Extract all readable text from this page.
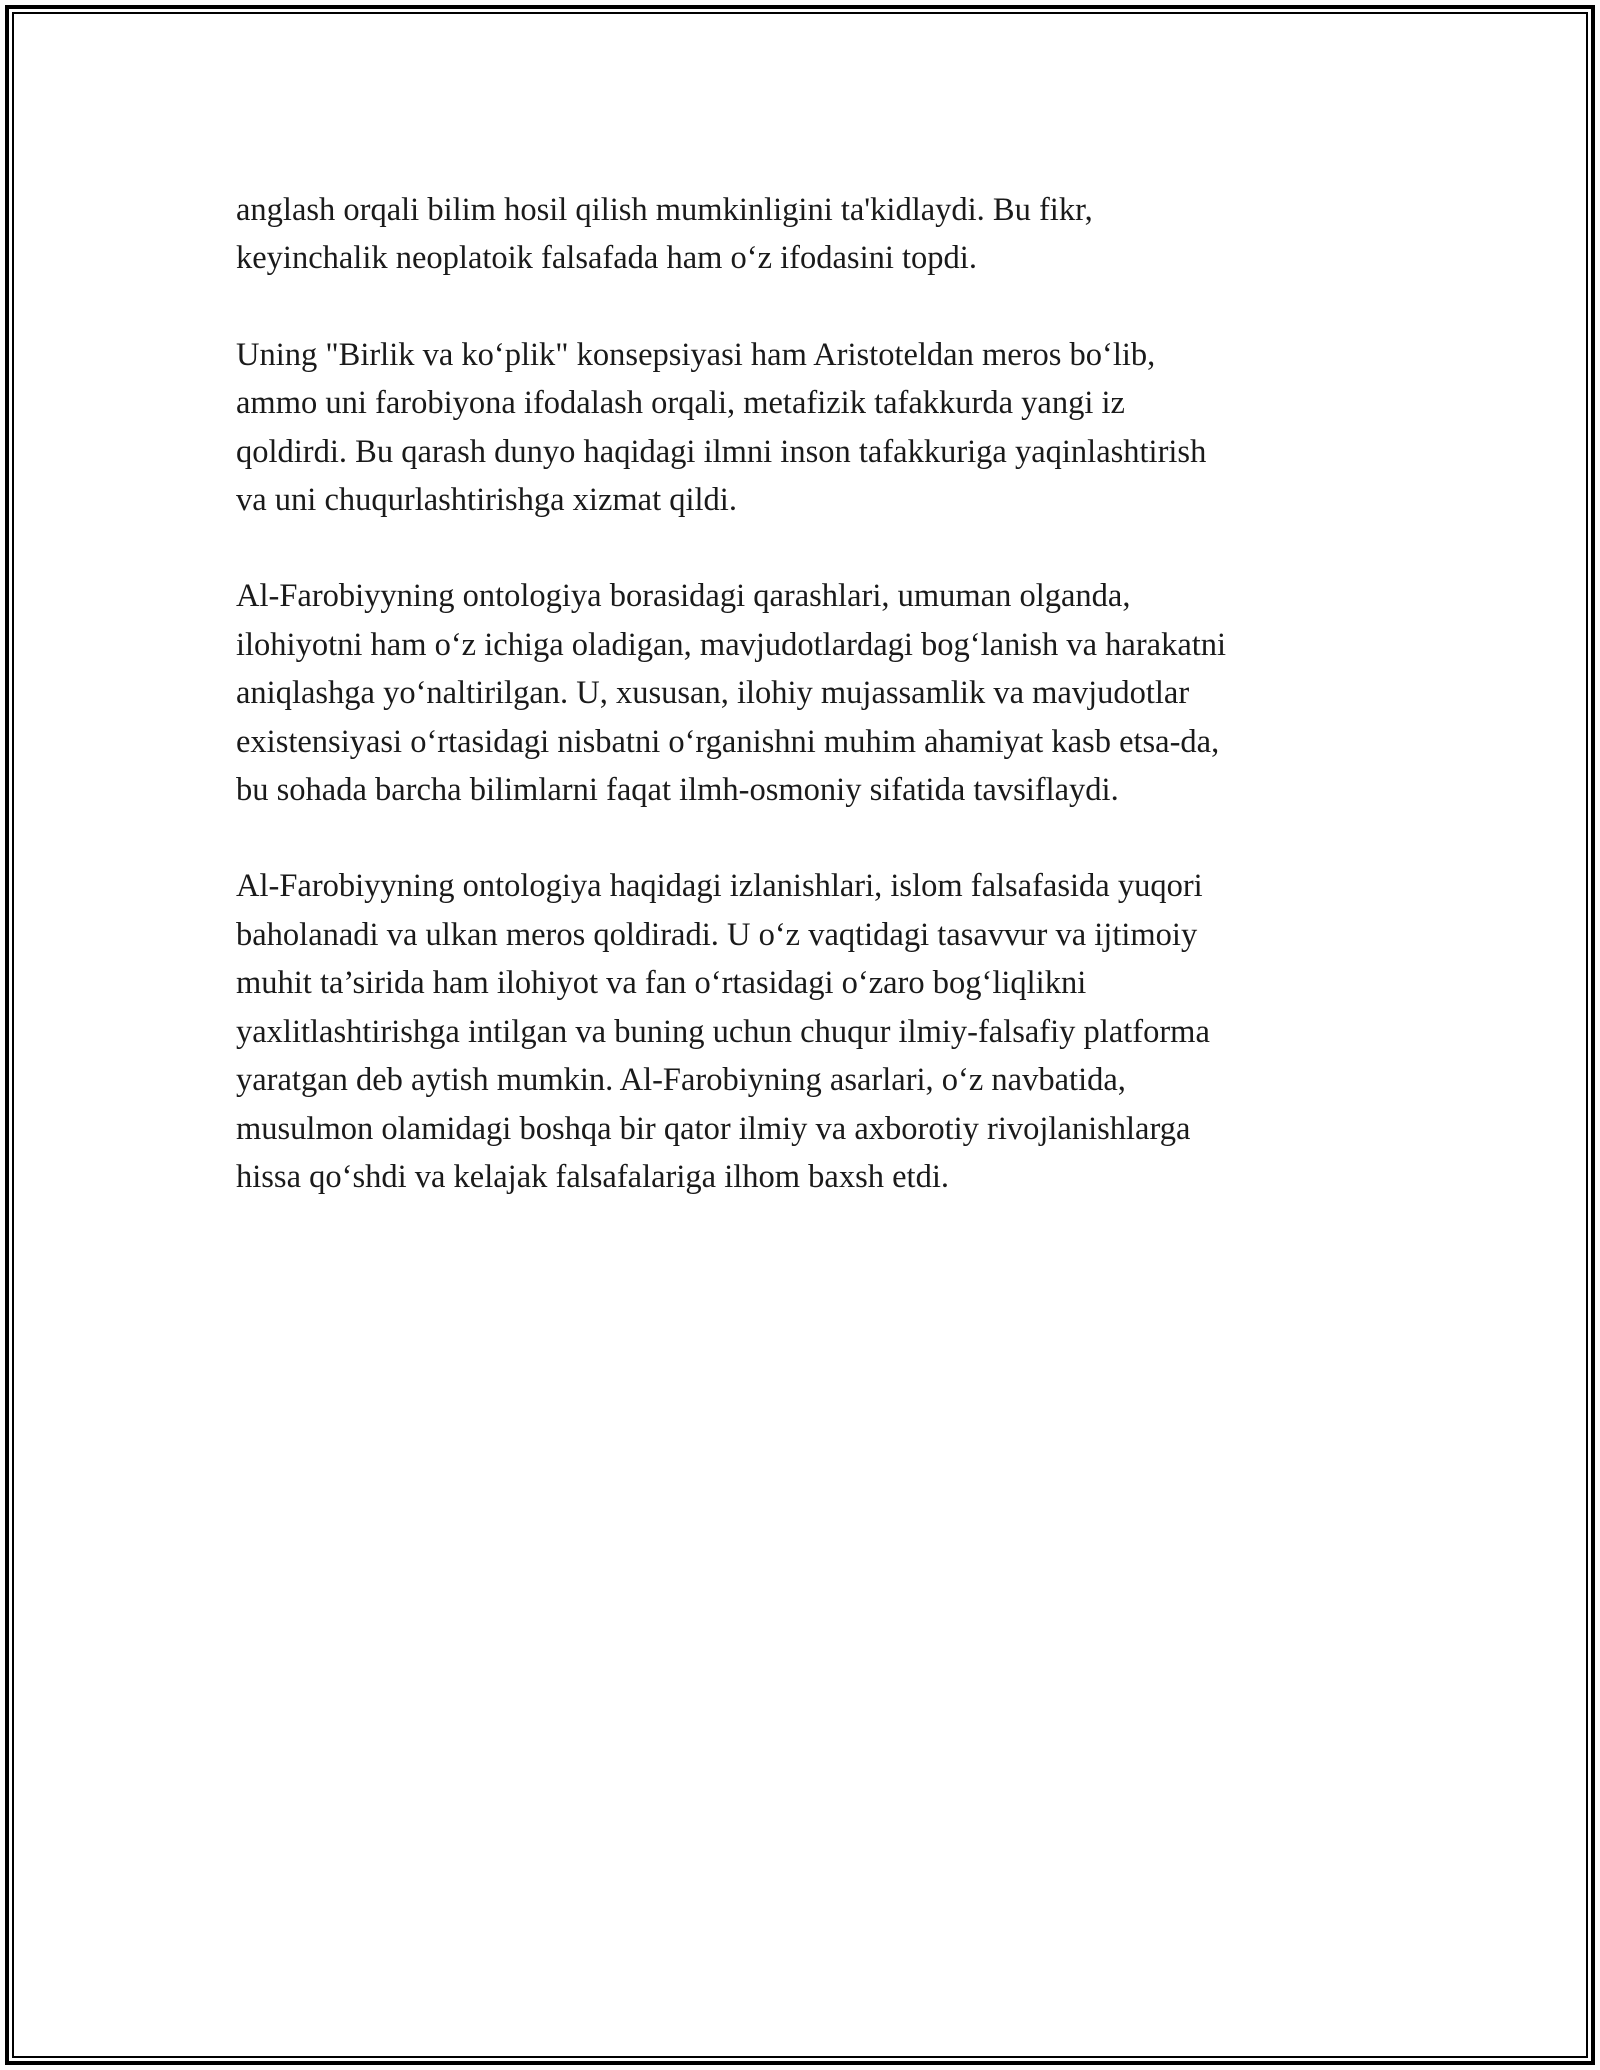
anglash orqali bilim hosil qilish mumkinligini ta'kidlaydi. Bu fikr,
keyinchalik neoplatoik falsafada ham oʻz ifodasini topdi.

Uning "Birlik va koʻplik" konsepsiyasi ham Aristoteldan meros boʻlib,
ammo uni farobiyona ifodalash orqali, metafizik tafakkurda yangi iz
qoldirdi. Bu qarash dunyo haqidagi ilmni inson tafakkuriga yaqinlashtirish
va uni chuqurlashtirishga xizmat qildi.

Al-Farobiyyning ontologiya borasidagi qarashlari, umuman olganda,
ilohiyotni ham oʻz ichiga oladigan, mavjudotlardagi bogʻlanish va harakatni
aniqlashga yoʻnaltirilgan. U, xususan, ilohiy mujassamlik va mavjudotlar
existensiyasi oʻrtasidagi nisbatni oʻrganishni muhim ahamiyat kasb etsa-da,
bu sohada barcha bilimlarni faqat ilmh-osmoniy sifatida tavsiflaydi.

Al-Farobiyyning ontologiya haqidagi izlanishlari, islom falsafasida yuqori
baholanadi va ulkan meros qoldiradi. U oʻz vaqtidagi tasavvur va ijtimoiy
muhit ta’sirida ham ilohiyot va fan oʻrtasidagi oʻzaro bogʻliqlikni
yaxlitlashtirishga intilgan va buning uchun chuqur ilmiy-falsafiy platforma
yaratgan deb aytish mumkin. Al-Farobiyning asarlari, oʻz navbatida,
musulmon olamidagi boshqa bir qator ilmiy va axborotiy rivojlanishlarga
hissa qoʻshdi va kelajak falsafalariga ilhom baxsh etdi.
